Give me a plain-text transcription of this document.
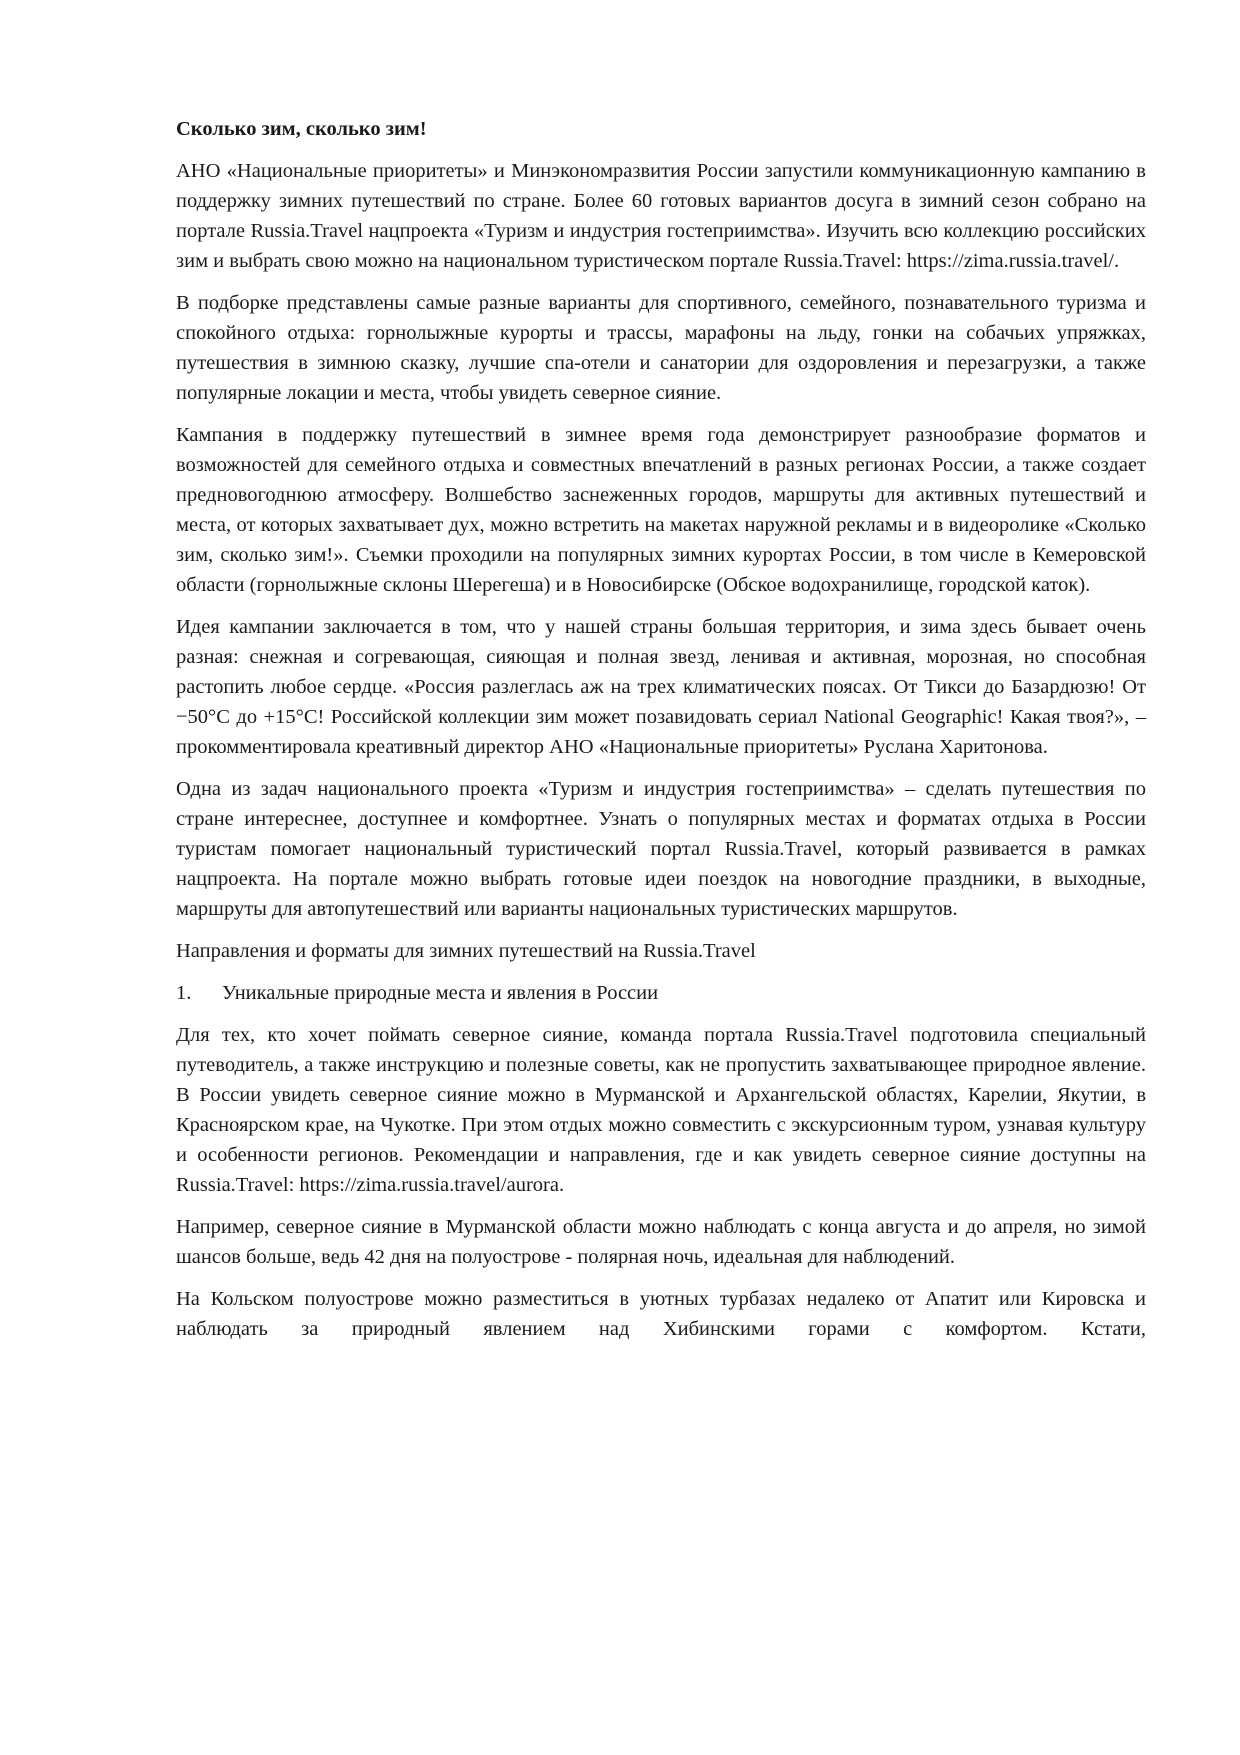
Сколько зим, сколько зим!

АНО «Национальные приоритеты» и Минэкономразвития России запустили коммуникационную кампанию в поддержку зимних путешествий по стране. Более 60 готовых вариантов досуга в зимний сезон собрано на портале Russia.Travel нацпроекта «Туризм и индустрия гостеприимства». Изучить всю коллекцию российских зим и выбрать свою можно на национальном туристическом портале Russia.Travel: https://zima.russia.travel/.

В подборке представлены самые разные варианты для спортивного, семейного, познавательного туризма и спокойного отдыха: горнолыжные курорты и трассы, марафоны на льду, гонки на собачьих упряжках, путешествия в зимнюю сказку, лучшие спа-отели и санатории для оздоровления и перезагрузки, а также популярные локации и места, чтобы увидеть северное сияние.

Кампания в поддержку путешествий в зимнее время года демонстрирует разнообразие форматов и возможностей для семейного отдыха и совместных впечатлений в разных регионах России, а также создает предновогоднюю атмосферу. Волшебство заснеженных городов, маршруты для активных путешествий и места, от которых захватывает дух, можно встретить на макетах наружной рекламы и в видеоролике «Сколько зим, сколько зим!». Съемки проходили на популярных зимних курортах России, в том числе в Кемеровской области (горнолыжные склоны Шерегеша) и в Новосибирске (Обское водохранилище, городской каток).

Идея кампании заключается в том, что у нашей страны большая территория, и зима здесь бывает очень разная: снежная и согревающая, сияющая и полная звезд, ленивая и активная, морозная, но способная растопить любое сердце. «Россия разлеглась аж на трех климатических поясах. От Тикси до Базардюзю! От −50°С до +15°С! Российской коллекции зим может позавидовать сериал National Geographic! Какая твоя?», – прокомментировала креативный директор АНО «Национальные приоритеты» Руслана Харитонова.

Одна из задач национального проекта «Туризм и индустрия гостеприимства» – сделать путешествия по стране интереснее, доступнее и комфортнее. Узнать о популярных местах и форматах отдыха в России туристам помогает национальный туристический портал Russia.Travel, который развивается в рамках нацпроекта. На портале можно выбрать готовые идеи поездок на новогодние праздники, в выходные, маршруты для автопутешествий или варианты национальных туристических маршрутов.

Направления и форматы для зимних путешествий на Russia.Travel

1.	Уникальные природные места и явления в России

Для тех, кто хочет поймать северное сияние, команда портала Russia.Travel подготовила специальный путеводитель, а также инструкцию и полезные советы, как не пропустить захватывающее природное явление. В России увидеть северное сияние можно в Мурманской и Архангельской областях, Карелии, Якутии, в Красноярском крае, на Чукотке. При этом отдых можно совместить с экскурсионным туром, узнавая культуру и особенности регионов. Рекомендации и направления, где и как увидеть северное сияние доступны на Russia.Travel: https://zima.russia.travel/aurora.

Например, северное сияние в Мурманской области можно наблюдать с конца августа и до апреля, но зимой шансов больше, ведь 42 дня на полуострове - полярная ночь, идеальная для наблюдений.

На Кольском полуострове можно разместиться в уютных турбазах недалеко от Апатит или Кировска и наблюдать за природный явлением над Хибинскими горами с комфортом. Кстати,
